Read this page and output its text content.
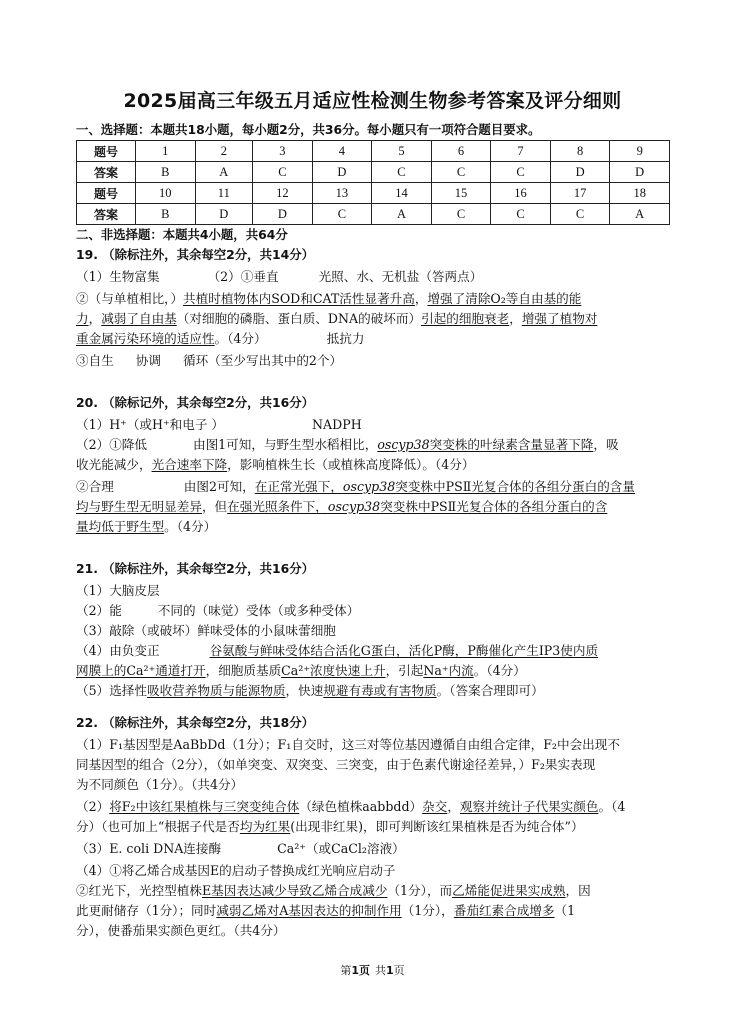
2025届高三年级五月适应性检测生物参考答案及评分细则
一、选择题：本题共18小题，每小题2分，共36分。每小题只有一项符合题目要求。
题号	1	2	3	4	5	6	7	8	9
答案	B	A	C	D	C	C	C	D	D
题号	10	11	12	13	14	15	16	17	18
答案	B	D	D	C	A	C	C	C	A
二、非选择题：本题共4小题，共64分
19. （除标注外，其余每空2分，共14分）
（1）生物富集	（2）①垂直	光照、水、无机盐（答两点）
②（与单植相比，）共植时植物体内SOD和CAT活性显著升高，增强了清除O₂等自由基的能
力，减弱了自由基（对细胞的磷脂、蛋白质、DNA的破坏而）引起的细胞衰老，增强了植物对
重金属污染环境的适应性。（4分）	抵抗力
③自生 协调 循环（至少写出其中的2个）
20. （除标记外，其余每空2分，共16分）
（1）H⁺（或H⁺和电子 ）	NADPH
（2）①降低	由图1可知，与野生型水稻相比，oscyp38突变株的叶绿素含量显著下降，吸
收光能减少，光合速率下降，影响植株生长（或植株高度降低）。（4分）
②合理	由图2可知，在正常光强下，oscyp38突变株中PSⅡ光复合体的各组分蛋白的含量
均与野生型无明显差异，但在强光照条件下，oscyp38突变株中PSⅡ光复合体的各组分蛋白的含
量均低于野生型。（4分）
21. （除标注外，其余每空2分，共16分）
（1）大脑皮层
（2）能	不同的（味觉）受体（或多种受体）
（3）敲除（或破坏）鲜味受体的小鼠味蕾细胞
（4）由负变正	谷氨酸与鲜味受体结合活化G蛋白，活化P酶，P酶催化产生IP3使内质
网膜上的Ca²⁺通道打开，细胞质基质Ca²⁺浓度快速上升，引起Na⁺内流。（4分）
（5）选择性吸收营养物质与能源物质，快速规避有毒或有害物质。（答案合理即可）
22. （除标注外，其余每空2分，共18分）
（1）F₁基因型是AaBbDd（1分）；F₁自交时，这三对等位基因遵循自由组合定律，F₂中会出现不
同基因型的组合（2分），（如单突变、双突变、三突变，由于色素代谢途径差异，）F₂果实表现
为不同颜色（1分）。（共4分）
（2）将F₂中该红果植株与三突变纯合体（绿色植株aabbdd）杂交，观察并统计子代果实颜色。（4
分）（也可加上“根据子代是否均为红果(出现非红果)，即可判断该红果植株是否为纯合体”）
（3）E. coli DNA连接酶	Ca²⁺（或CaCl₂溶液）
（4）①将乙烯合成基因E的启动子替换成红光响应启动子
②红光下，光控型植株E基因表达减少导致乙烯合成减少（1分），而乙烯能促进果实成熟，因
此更耐储存（1分）；同时减弱乙烯对A基因表达的抑制作用（1分），番茄红素合成增多（1
分），使番茄果实颜色更红。（共4分）
第1页 共1页
